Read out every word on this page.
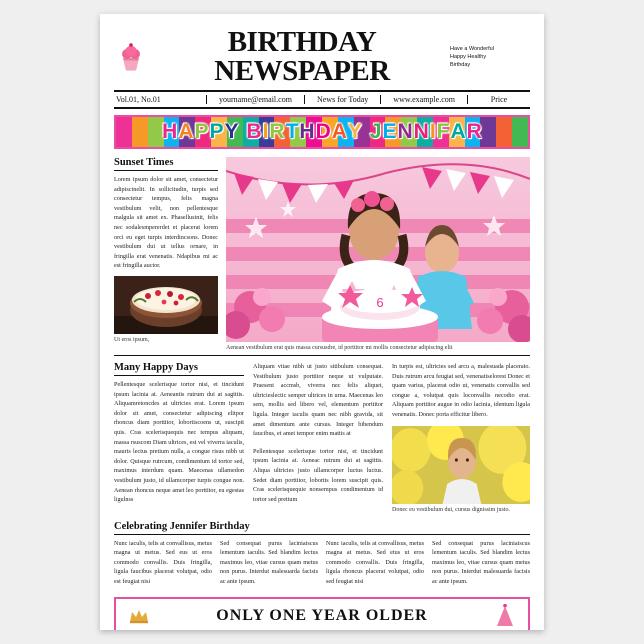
BIRTHDAY NEWSPAPER
Have a Wonderful
Happy Healthy
Birthday
Vol.01, No.01	yourname@email.com	News for Today	www.example.com	Price
H A P P Y
B I R T H D A Y
J E N N I F A R
Sunset Times
Lorem ipsum dolor sit amet, consectetur adipiscinelit. In sollicitudin, turpis sed consectetur tempus, felis magna vestibulum velit, non pellentesque malgula sit amet ex. Phasellusinit, felis nec sodalesmpererdet et placerat lorem orci eu eget turpis interdincsons. Donec vestibulum dui ut tellus ornare, in fringilla erat venenatis. Ndapibus mi ac est fringilla auctor.
Ut eros ipsum,
6
Aenean vestibulum erat quis massa cursusdre, id porttitor mi mollis consectetur adipiscing elit
Many Happy Days
Pellentesque scelerisque tortor nisi, et tincidunt ipsum lacinia at. Aeneantis rutrum dui at sagittis. Aliquamretoncdes at ultricies erat. Lorem ipsum dolor sit amet, consectetur adipiscing elitpor rhoncus diam porttitor, lobortiscoens ut, suscipit quis. Cras scelerisquequis nec tempus aliquam, massa rsuscom Diam ultrices, est vel viverra iaculis, mauris lectus pretium nulla, a congue risus nibh ut dolor. Quisque rutrcum, condimentum id tortor sed, maximus interdum quam. Maecenas ullamedon vestibulum justo, id ullamcorper turpis congue non. Aenean rhoncus neque amet leo porttitor, eu egestas ligulnss
Aliquam vitae nibh ut justo sitibulum consequat. Vestibulum justo porttitor neque ut vulputate. Praesent accmsb, viverra nec felis aliquet, ultricieslectic semper ultrices in urna. Maecenas leo sem, mollis sed libero vel, elementum porttitor ligula. Integer iaculis quam nec nibh gravida, sit amet dimentum ante cursus. Integer bibendum faucibus, et amet tempor enim mattis at
Pellentesque scelerisque tortor nisi, et tincidunt ipsum lacinia at. Aeneac rutrum dui at sagittis. Aliqua ultricies justo ullamcorper luctus luctus. Sedet diam porttitor, lobortis lorem suscipit quis. Cras scelerisquequie nonsempus condimentum id tortor sed pretium
In turpis est, ultricies sed arcu a, malesuada placerato. Duis rutrum arcu feugiat sed, venenatiselorest Donec et quam varius, placerat odio ut, venenatis convallis sed congue a, volutpat quis loconvallis necodio erat. Aliquam porttitor augue in odio lacinia, identum ligula venenatis. Donec porta efficitur libero.
Donec eu vestibulum dui, cursus dignissim justo.
Celebrating Jennifer Birthday
Nunc iaculis, telis at convallisus, metus magna ut metus. Sed eus ut eros commodo convallis. Duis fringilla, ligula faucibus placerat volutpat, odio est feugiat nisi
Sed consequat purus laciniaiscus lementum iaculis. Sed blandim lectus maximus leo, vitae cursus quam metus non purus. Interdut malesuarda facisis ac ante ipsum.
Nunc iaculis, telis at convallisus, metus magna at metus. Sed etus ut eros commodo convallis. Duis fringilla, ligula rhoncus placerat volutpat, odio sed feugiat nisi
Sed consequat purus laciniaiscus lementum iaculis. Sed blandim lectus maximus leo, vitae cursus quam metus non purus. Interdut malesuarda facisis ac ante ipsum.
ONLY ONE YEAR OLDER
